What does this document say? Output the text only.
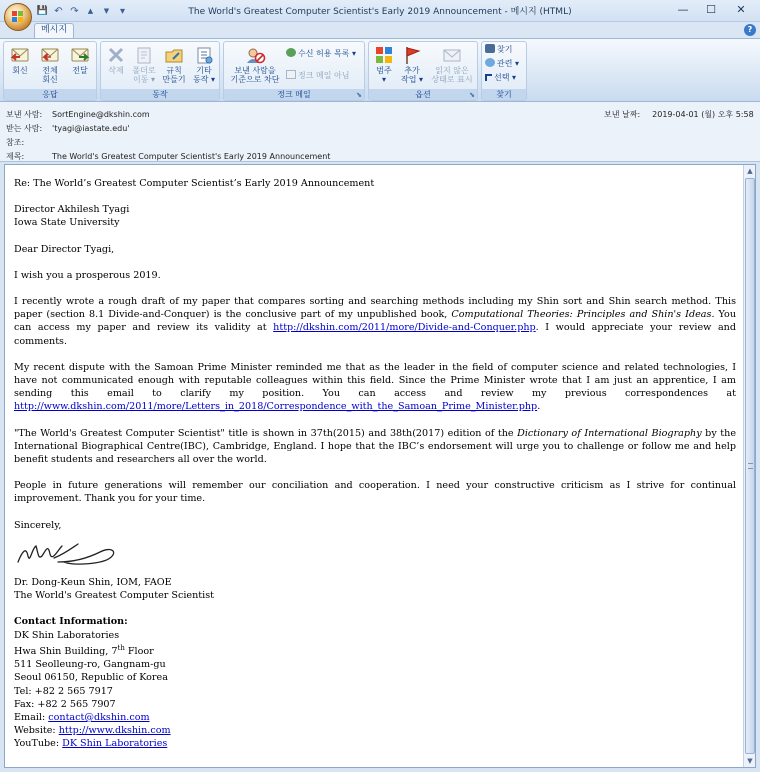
💾 ↶ ↷	▲	▼	▾	The World's Greatest Computer Scientist's Early 2019 Announcement - 메시지 (HTML)	—	☐	✕
메시지	?
회신	전체
회신
전달
응답
삭제	폴더로
이동 ▾
규칙
만들기
기타
동작 ▾
동작
보낸 사람을
기준으로 차단
수신 허용 목록 ▾
정크 메일 아님
정크 메일	⬊
범주
▾
추가
작업 ▾
읽지 않은
상태로 표시
옵션	⬊
찾기
관련 ▾
선택 ▾
찾기
보낸 사람: SortEngine@dkshin.com
받는 사람: 'tyagi@iastate.edu'
참조:
제목:	The World's Greatest Computer Scientist's Early 2019 Announcement
보낸 날짜: 2019-04-01 (월) 오후 5:58

Re: The World’s Greatest Computer Scientist’s Early 2019 Announcement

Director Akhilesh Tyagi
Iowa State University

Dear Director Tyagi,

I wish you a prosperous 2019.

I recently wrote a rough draft of my paper that compares sorting and searching methods including my Shin sort and Shin search method. This paper (section 8.1 Divide-and-Conquer) is the conclusive part of my unpublished book, Computational Theories: Principles and Shin's Ideas. You can access my paper and review its validity at http://dkshin.com/2011/more/Divide-and-Conquer.php. I would appreciate your review and comments.

My recent dispute with the Samoan Prime Minister reminded me that as the leader in the field of computer science and related technologies, I have not communicated enough with reputable colleagues within this field. Since the Prime Minister wrote that I am just an apprentice, I am sending this email to clarify my position. You can access and review my previous correspondences at http://www.dkshin.com/2011/more/Letters_in_2018/Correspondence_with_the_Samoan_Prime_Minister.php.

"The World's Greatest Computer Scientist" title is shown in 37th(2015) and 38th(2017) edition of the Dictionary of International Biography by the International Biographical Centre(IBC), Cambridge, England. I hope that the IBC’s endorsement will urge you to challenge or follow me and help benefit students and researchers all over the world.

People in future generations will remember our conciliation and cooperation. I need your constructive criticism as I strive for continual improvement. Thank you for your time.

Sincerely,

Dr. Dong-Keun Shin, IOM, FAOE
The World's Greatest Computer Scientist

Contact Information:
DK Shin Laboratories
Hwa Shin Building, 7th Floor
511 Seolleung-ro, Gangnam-gu
Seoul 06150, Republic of Korea
Tel: +82 2 565 7917
Fax: +82 2 565 7907
Email: contact@dkshin.com
Website: http://www.dkshin.com
YouTube: DK Shin Laboratories

▲
▼
